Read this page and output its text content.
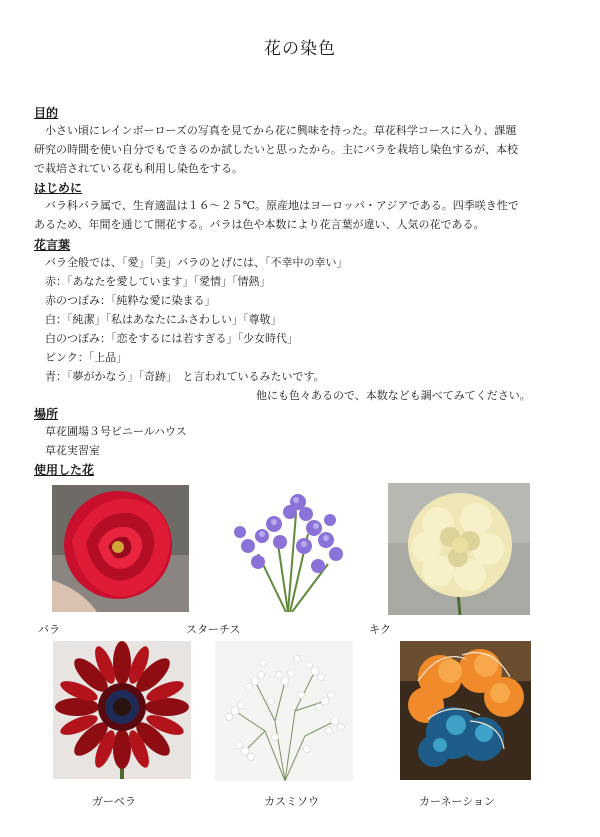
花の染色
目的
　小さい頃にレインボーローズの写真を見てから花に興味を持った。草花科学コースに入り、課題
研究の時間を使い自分でもできるのか試したいと思ったから。主にバラを栽培し染色するが、本校
で栽培されている花も利用し染色をする。
はじめに
　バラ科バラ属で、生育適温は１６～２５℃。原産地はヨーロッパ・アジアである。四季咲き性で
あるため、年間を通じて開花する。バラは色や本数により花言葉が違い、人気の花である。
花言葉
バラ全般では、「愛」「美」バラのとげには、「不幸中の幸い」
赤：「あなたを愛しています」「愛情」「情熱」
赤のつぼみ：「純粋な愛に染まる」
白：「純潔」「私はあなたにふさわしい」「尊敬」
白のつぼみ：「恋をするには若すぎる」「少女時代」
ピンク：「上品」
青：「夢がかなう」「奇跡」　と言われているみたいです。
他にも色々あるので、本数なども調べてみてください。
場所
草花圃場３号ビニールハウス
草花実習室
使用した花
バラ	スターチス	キク
ガーベラ	カスミソウ	カーネーション
